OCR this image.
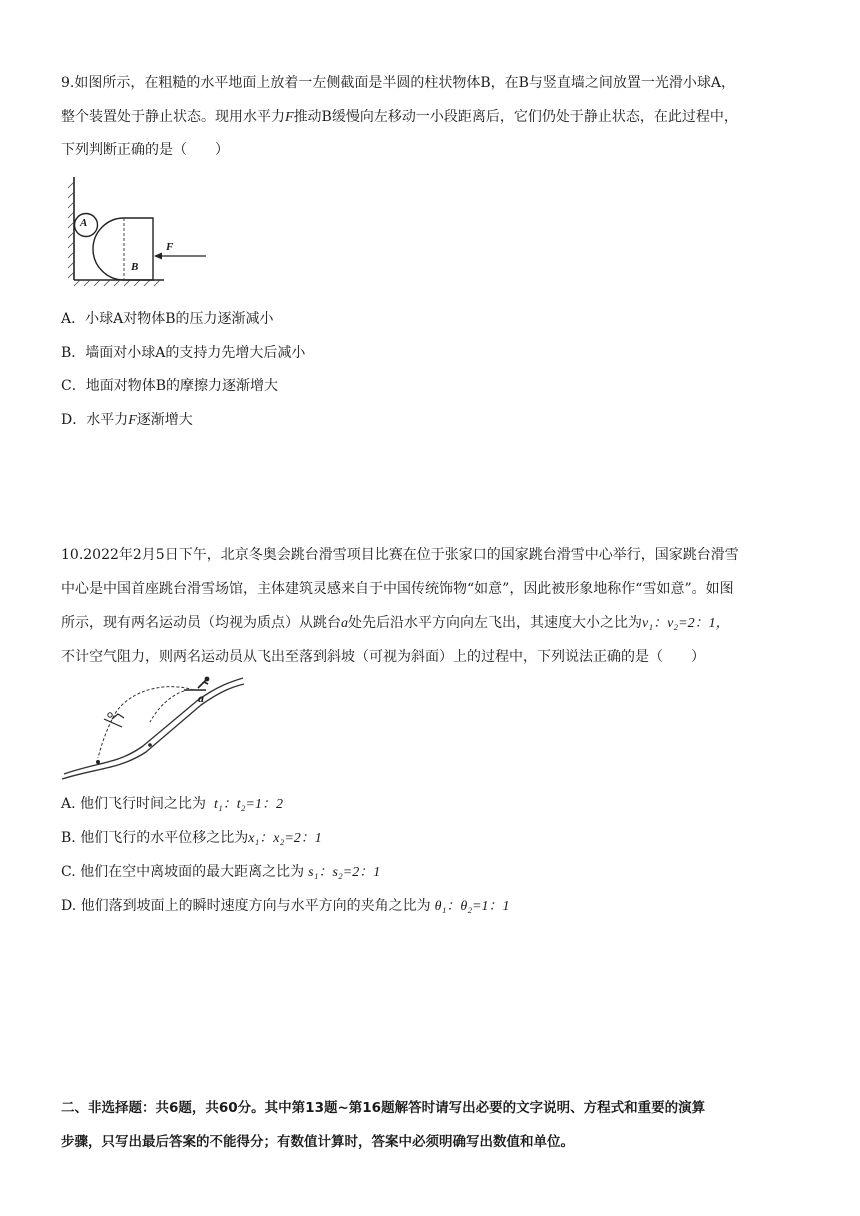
9.如图所示，在粗糙的水平地面上放着一左侧截面是半圆的柱状物体B，在B与竖直墙之间放置一光滑小球A，

整个装置处于静止状态。现用水平力F推动B缓慢向左移动一小段距离后，它们仍处于静止状态，在此过程中，

下列判断正确的是（　　）

A
B
F

A．小球A对物体B的压力逐渐减小

B．墙面对小球A的支持力先增大后减小

C．地面对物体B的摩擦力逐渐增大

D．水平力F逐渐增大

10.2022年2月5日下午，北京冬奥会跳台滑雪项目比赛在位于张家口的国家跳台滑雪中心举行，国家跳台滑雪

中心是中国首座跳台滑雪场馆，主体建筑灵感来自于中国传统饰物“如意”，因此被形象地称作“雪如意”。如图

所示，现有两名运动员（均视为质点）从跳台a处先后沿水平方向向左飞出，其速度大小之比为v₁：v₂=2：1，

不计空气阻力，则两名运动员从飞出至落到斜坡（可视为斜面）上的过程中，下列说法正确的是（　　）

a

A. 他们飞行时间之比为 t₁：t₂=1：2

B. 他们飞行的水平位移之比为x₁：x₂=2：1

C. 他们在空中离坡面的最大距离之比为 s₁：s₂=2：1

D. 他们落到坡面上的瞬时速度方向与水平方向的夹角之比为 θ₁：θ₂=1：1

二、非选择题：共6题，共60分。其中第13题~第16题解答时请写出必要的文字说明、方程式和重要的演算

步骤，只写出最后答案的不能得分；有数值计算时，答案中必须明确写出数值和单位。
